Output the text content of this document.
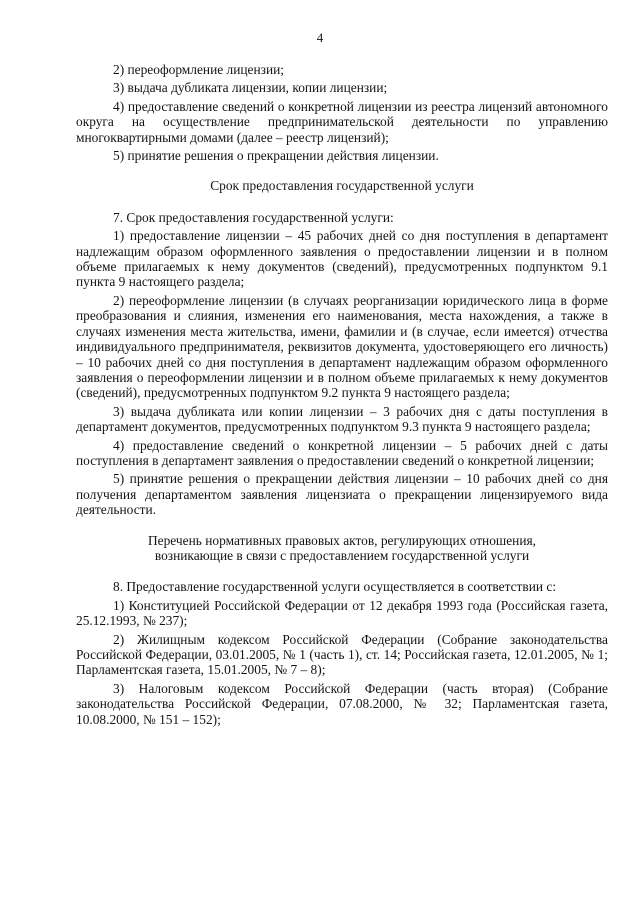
4

2) переоформление лицензии;

3) выдача дубликата лицензии, копии лицензии;

4) предоставление сведений о конкретной лицензии из реестра лицензий автономного округа на осуществление предпринимательской деятельности по управлению многоквартирными домами (далее – реестр лицензий);

5) принятие решения о прекращении действия лицензии.

Срок предоставления государственной услуги

7. Срок предоставления государственной услуги:

1) предоставление лицензии – 45 рабочих дней со дня поступления в департамент надлежащим образом оформленного заявления о предоставлении лицензии и в полном объеме прилагаемых к нему документов (сведений), предусмотренных подпунктом 9.1 пункта 9 настоящего раздела;

2) переоформление лицензии (в случаях реорганизации юридического лица в форме преобразования и слияния, изменения его наименования, места нахождения, а также в случаях изменения места жительства, имени, фамилии и (в случае, если имеется) отчества индивидуального предпринимателя, реквизитов документа, удостоверяющего его личность) – 10 рабочих дней со дня поступления в департамент надлежащим образом оформленного заявления о переоформлении лицензии и в полном объеме прилагаемых к нему документов (сведений), предусмотренных подпунктом 9.2 пункта 9 настоящего раздела;

3) выдача дубликата или копии лицензии – 3 рабочих дня с даты поступления в департамент документов, предусмотренных подпунктом 9.3 пункта 9 настоящего раздела;

4) предоставление сведений о конкретной лицензии – 5 рабочих дней с даты поступления в департамент заявления о предоставлении сведений о конкретной лицензии;

5) принятие решения о прекращении действия лицензии – 10 рабочих дней со дня получения департаментом заявления лицензиата о прекращении лицензируемого вида деятельности.

Перечень нормативных правовых актов, регулирующих отношения,
возникающие в связи с предоставлением государственной услуги

8. Предоставление государственной услуги осуществляется в соответствии с:

1) Конституцией Российской Федерации от 12 декабря 1993 года (Российская газета, 25.12.1993, № 237);

2) Жилищным кодексом Российской Федерации (Собрание законодательства Российской Федерации, 03.01.2005, № 1 (часть 1), ст. 14; Российская газета, 12.01.2005, № 1; Парламентская газета, 15.01.2005, № 7 – 8);

3) Налоговым кодексом Российской Федерации (часть вторая) (Собрание законодательства Российской Федерации, 07.08.2000, № 32; Парламентская газета, 10.08.2000, № 151 – 152);
